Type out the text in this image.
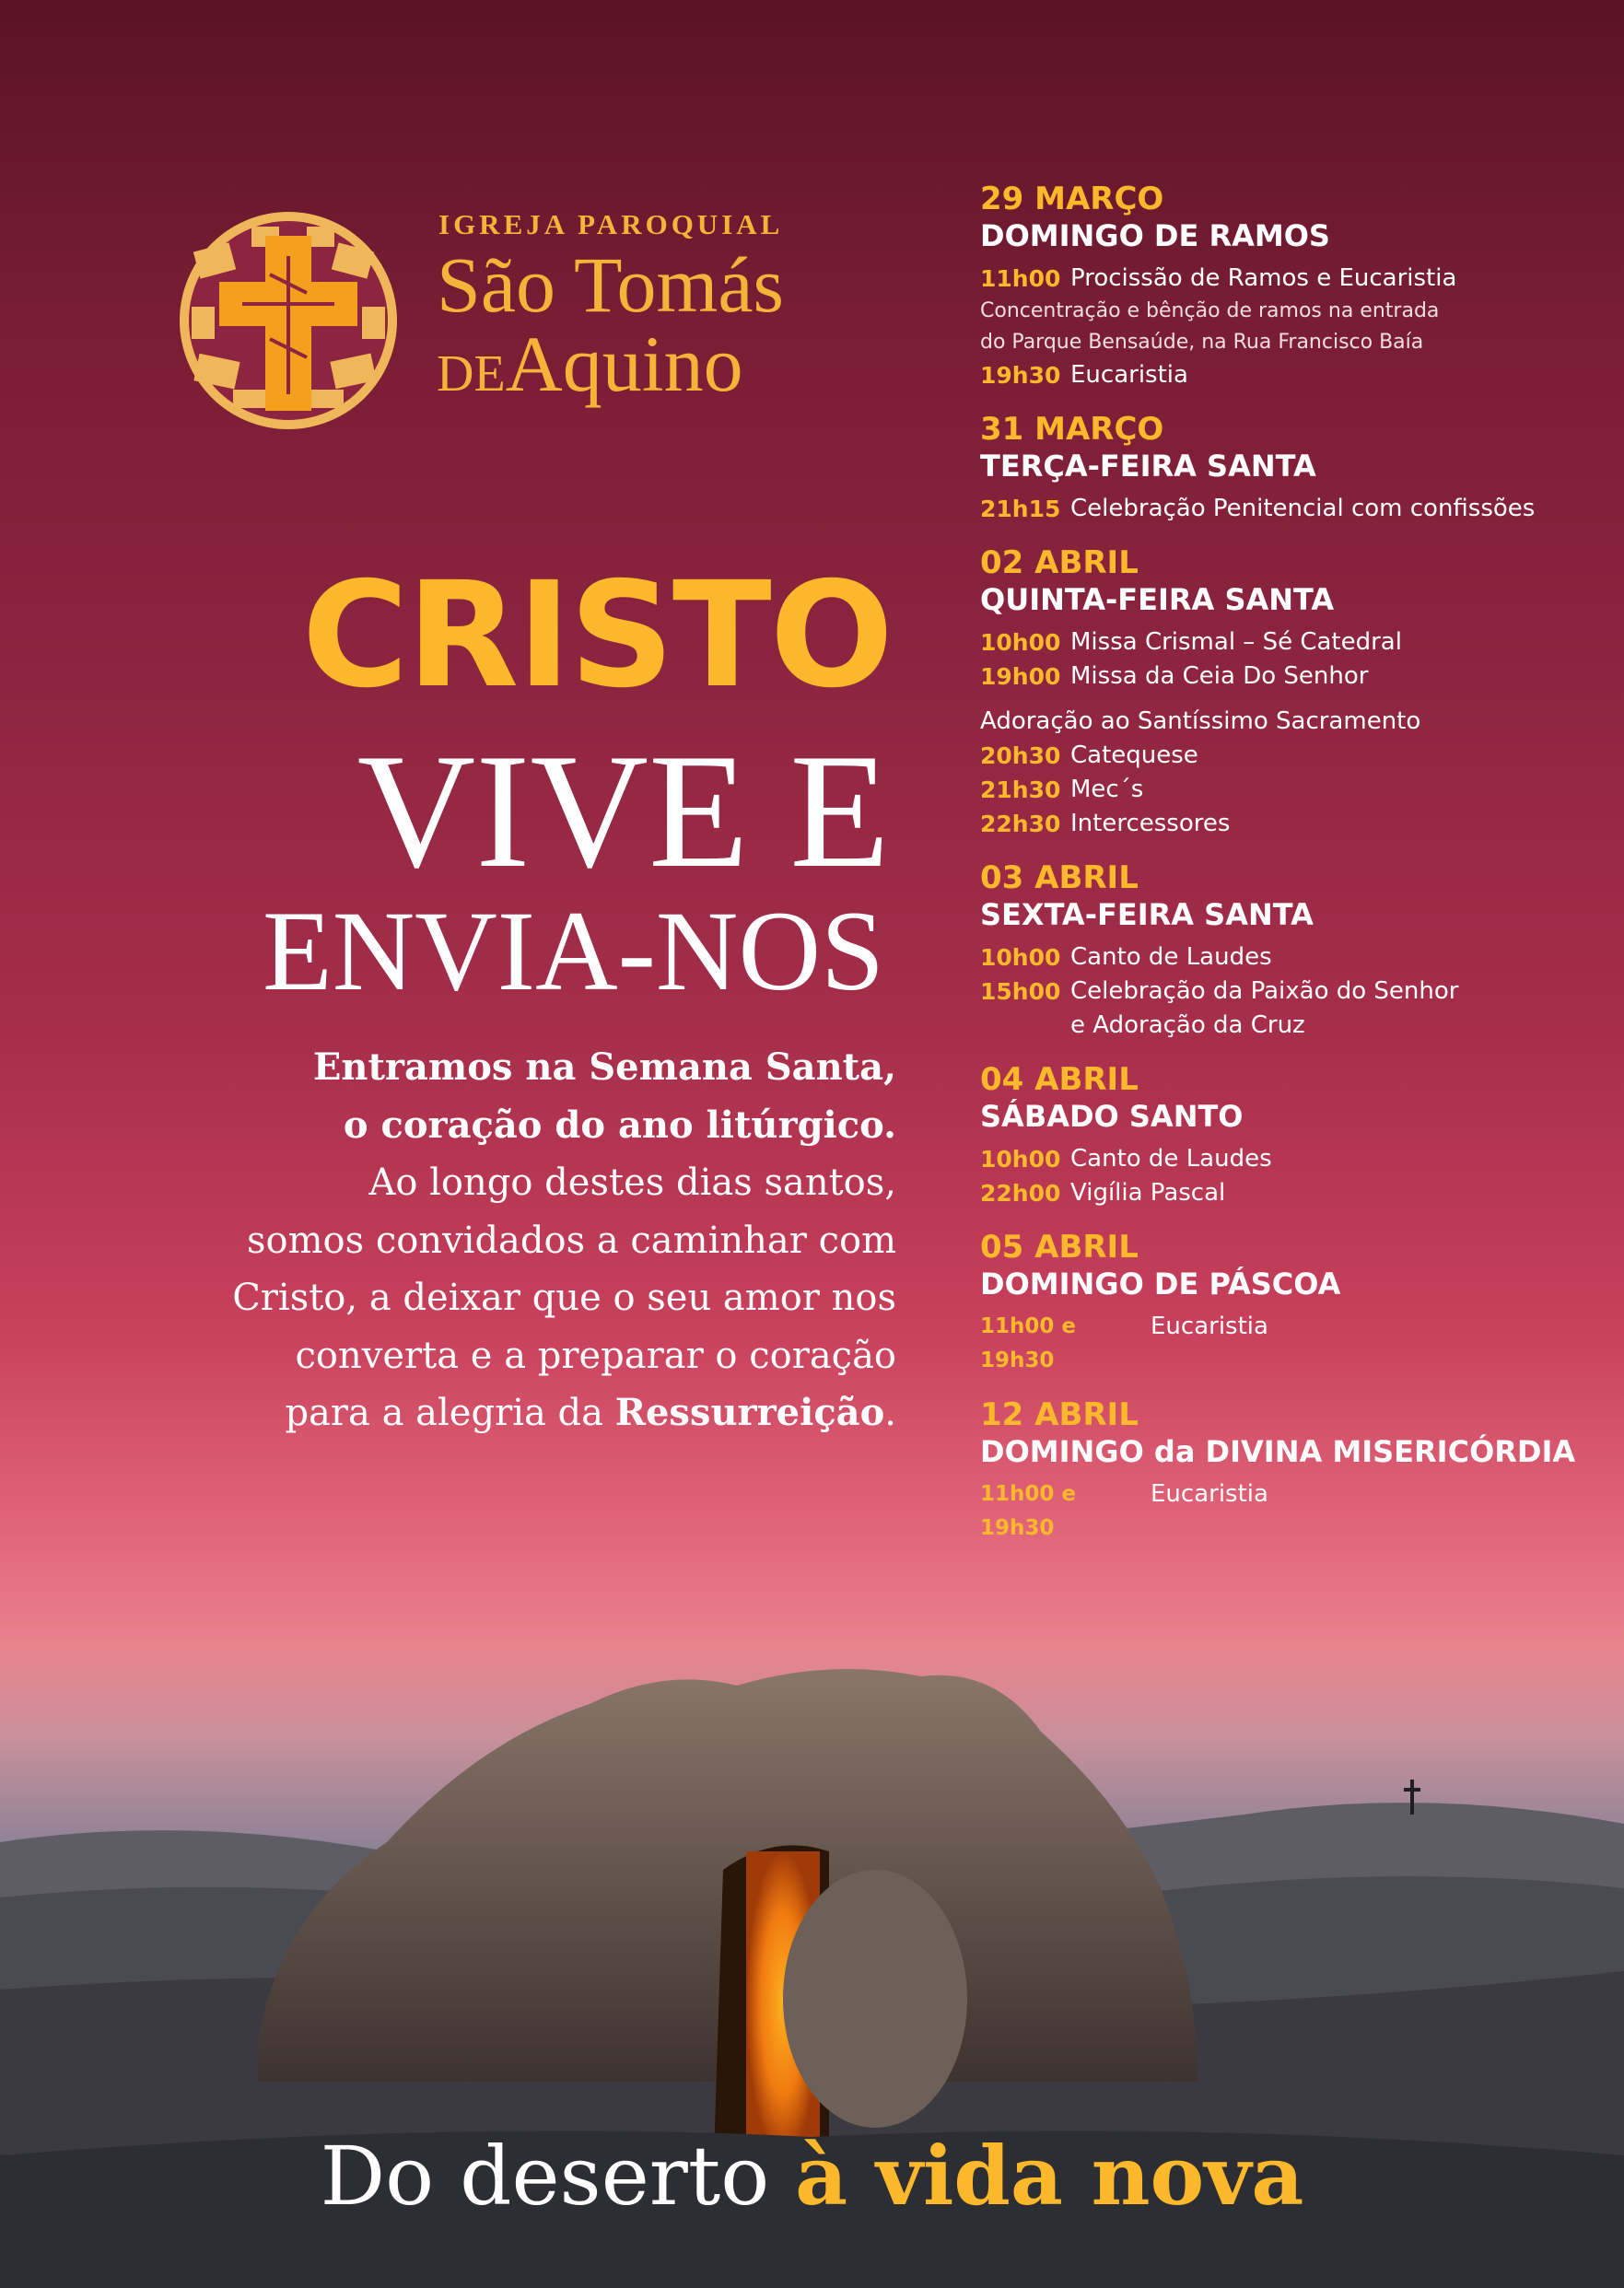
IGREJA PAROQUIAL
São Tomás
DEAquino
CRISTO
VIVE E
ENVIA-NOS
Entramos na Semana Santa,
o coração do ano litúrgico.
Ao longo destes dias santos,
somos convidados a caminhar com
Cristo, a deixar que o seu amor nos
converta e a preparar o coração
para a alegria da Ressurreição.
29 MARÇO
DOMINGO DE RAMOS
11h00 Procissão de Ramos e Eucaristia
Concentração e bênção de ramos na entrada
do Parque Bensaúde, na Rua Francisco Baía
19h30 Eucaristia
31 MARÇO
TERÇA-FEIRA SANTA
21h15 Celebração Penitencial com confissões
02 ABRIL
QUINTA-FEIRA SANTA
10h00 Missa Crismal – Sé Catedral
19h00 Missa da Ceia Do Senhor
Adoração ao Santíssimo Sacramento
20h30 Catequese
21h30 Mec´s
22h30 Intercessores
03 ABRIL
SEXTA-FEIRA SANTA
10h00 Canto de Laudes
15h00 Celebração da Paixão do Senhor
e Adoração da Cruz
04 ABRIL
SÁBADO SANTO
10h00 Canto de Laudes
22h00 Vigília Pascal
05 ABRIL
DOMINGO DE PÁSCOA
11h00 e 19h30
Eucaristia
12 ABRIL
DOMINGO da DIVINA MISERICÓRDIA
11h00 e 19h30
Eucaristia
Do deserto à vida nova
